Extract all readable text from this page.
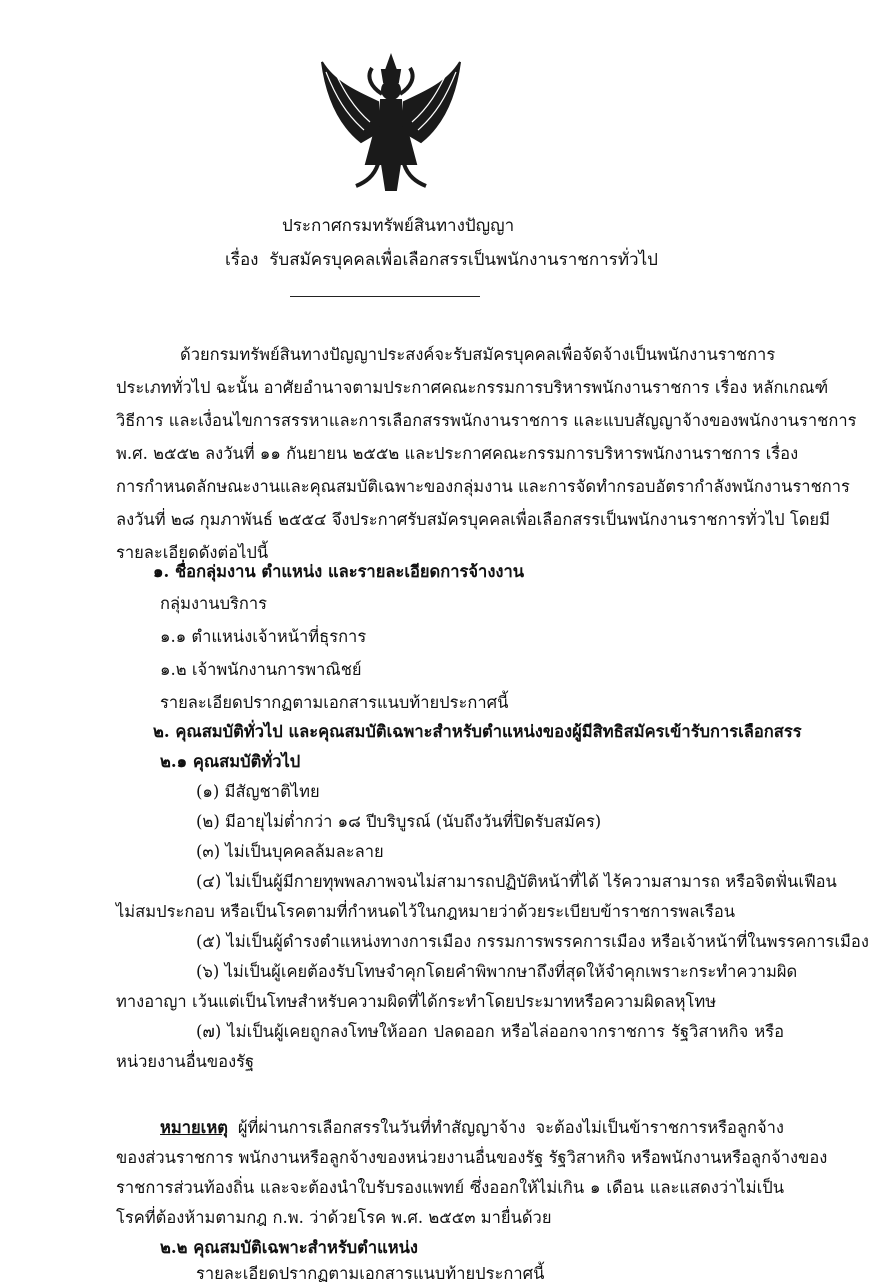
ประกาศกรมทรัพย์สินทางปัญญา
เรื่อง รับสมัครบุคคลเพื่อเลือกสรรเป็นพนักงานราชการทั่วไป
ด้วยกรมทรัพย์สินทางปัญญาประสงค์จะรับสมัครบุคคลเพื่อจัดจ้างเป็นพนักงานราชการ
ประเภททั่วไป ฉะนั้น อาศัยอำนาจตามประกาศคณะกรรมการบริหารพนักงานราชการ เรื่อง หลักเกณฑ์
วิธีการ และเงื่อนไขการสรรหาและการเลือกสรรพนักงานราชการ และแบบสัญญาจ้างของพนักงานราชการ
พ.ศ. ๒๕๕๒ ลงวันที่ ๑๑ กันยายน ๒๕๕๒ และประกาศคณะกรรมการบริหารพนักงานราชการ เรื่อง
การกำหนดลักษณะงานและคุณสมบัติเฉพาะของกลุ่มงาน และการจัดทำกรอบอัตรากำลังพนักงานราชการ
ลงวันที่ ๒๘ กุมภาพันธ์ ๒๕๕๔ จึงประกาศรับสมัครบุคคลเพื่อเลือกสรรเป็นพนักงานราชการทั่วไป โดยมี
รายละเอียดดังต่อไปนี้
๑. ชื่อกลุ่มงาน ตำแหน่ง และรายละเอียดการจ้างงาน
กลุ่มงานบริการ
๑.๑ ตำแหน่งเจ้าหน้าที่ธุรการ
๑.๒ เจ้าพนักงานการพาณิชย์
รายละเอียดปรากฏตามเอกสารแนบท้ายประกาศนี้
๒. คุณสมบัติทั่วไป และคุณสมบัติเฉพาะสำหรับตำแหน่งของผู้มีสิทธิสมัครเข้ารับการเลือกสรร
๒.๑ คุณสมบัติทั่วไป
(๑) มีสัญชาติไทย
(๒) มีอายุไม่ต่ำกว่า ๑๘ ปีบริบูรณ์ (นับถึงวันที่ปิดรับสมัคร)
(๓) ไม่เป็นบุคคลล้มละลาย
(๔) ไม่เป็นผู้มีกายทุพพลภาพจนไม่สามารถปฏิบัติหน้าที่ได้ ไร้ความสามารถ หรือจิตฟั่นเฟือน
ไม่สมประกอบ หรือเป็นโรคตามที่กำหนดไว้ในกฎหมายว่าด้วยระเบียบข้าราชการพลเรือน
(๕) ไม่เป็นผู้ดำรงตำแหน่งทางการเมือง กรรมการพรรคการเมือง หรือเจ้าหน้าที่ในพรรคการเมือง
(๖) ไม่เป็นผู้เคยต้องรับโทษจำคุกโดยคำพิพากษาถึงที่สุดให้จำคุกเพราะกระทำความผิด
ทางอาญา เว้นแต่เป็นโทษสำหรับความผิดที่ได้กระทำโดยประมาทหรือความผิดลหุโทษ
(๗) ไม่เป็นผู้เคยถูกลงโทษให้ออก ปลดออก หรือไล่ออกจากราชการ รัฐวิสาหกิจ หรือ
หน่วยงานอื่นของรัฐ
หมายเหตุ ผู้ที่ผ่านการเลือกสรรในวันที่ทำสัญญาจ้าง จะต้องไม่เป็นข้าราชการหรือลูกจ้าง
ของส่วนราชการ พนักงานหรือลูกจ้างของหน่วยงานอื่นของรัฐ รัฐวิสาหกิจ หรือพนักงานหรือลูกจ้างของ
ราชการส่วนท้องถิ่น และจะต้องนำใบรับรองแพทย์ ซึ่งออกให้ไม่เกิน ๑ เดือน และแสดงว่าไม่เป็น
โรคที่ต้องห้ามตามกฎ ก.พ. ว่าด้วยโรค พ.ศ. ๒๕๕๓ มายื่นด้วย
๒.๒ คุณสมบัติเฉพาะสำหรับตำแหน่ง
รายละเอียดปรากฏตามเอกสารแนบท้ายประกาศนี้
